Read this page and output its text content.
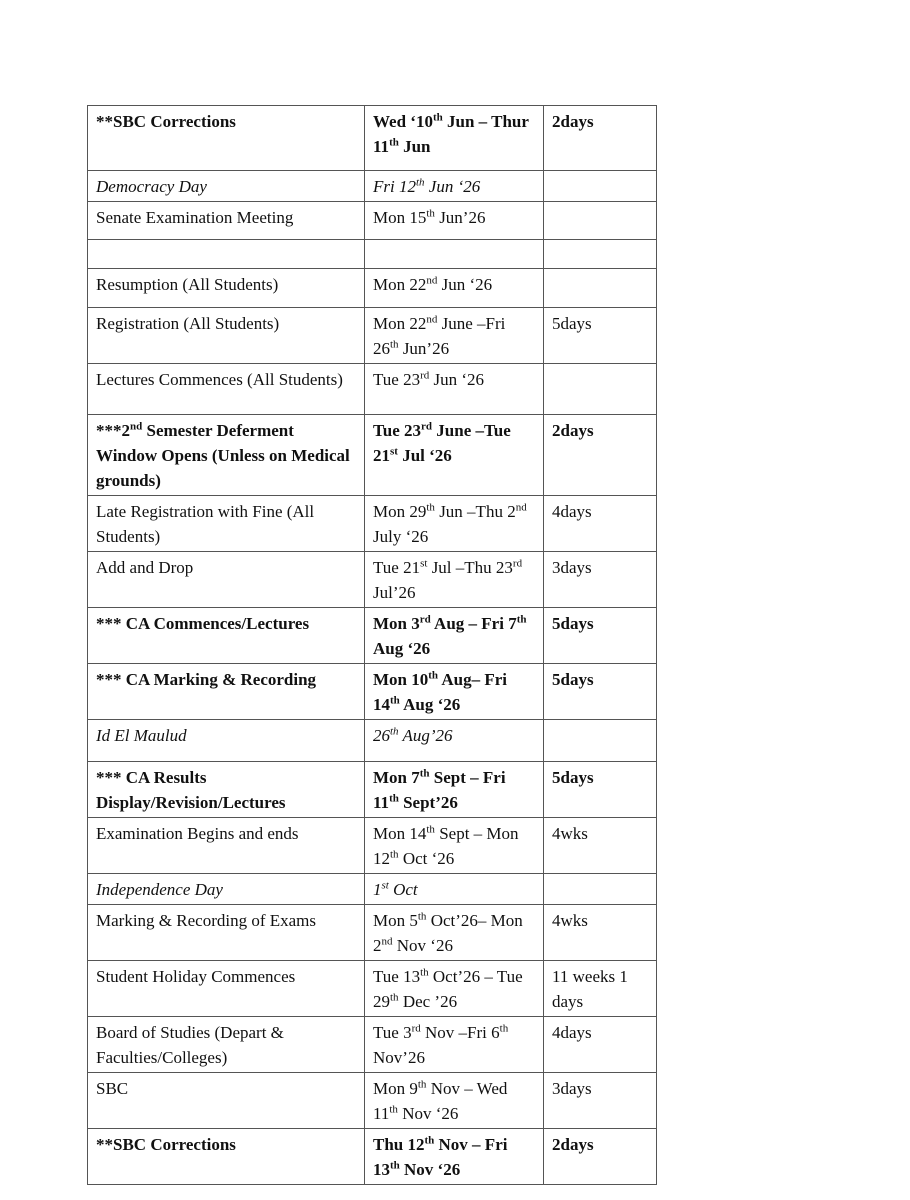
**SBC Corrections	Wed ‘10th Jun – Thur 11th Jun	2days
Democracy Day	Fri 12th Jun ‘26	
Senate Examination Meeting	Mon 15th Jun’26	

Resumption (All Students)	Mon 22nd Jun ‘26	
Registration (All Students)	Mon 22nd June –Fri 26th Jun’26	5days
Lectures Commences (All Students)	Tue 23rd Jun ‘26	
***2nd Semester Deferment Window Opens (Unless on Medical grounds)	Tue 23rd June –Tue 21st Jul ‘26	2days
Late Registration with Fine (All Students)	Mon 29th Jun –Thu 2nd July ‘26	4days
Add and Drop	Tue 21st Jul –Thu 23rd Jul’26	3days
*** CA Commences/Lectures	Mon 3rd Aug – Fri 7th Aug ‘26	5days
*** CA Marking & Recording	Mon 10th Aug– Fri 14th Aug ‘26	5days
Id El Maulud	26th Aug’26	
*** CA Results Display/Revision/Lectures	Mon 7th Sept – Fri 11th Sept’26	5days
Examination Begins and ends	Mon 14th Sept – Mon 12th Oct ‘26	4wks
Independence Day	1st Oct	
Marking & Recording of Exams	Mon 5th Oct’26– Mon 2nd Nov ‘26	4wks
Student Holiday Commences	Tue 13th Oct’26 – Tue 29th Dec ’26	11 weeks 1 days
Board of Studies (Depart & Faculties/Colleges)	Tue 3rd Nov –Fri 6th Nov’26	4days
SBC	Mon 9th Nov – Wed 11th Nov ‘26	3days
**SBC Corrections	Thu 12th Nov – Fri 13th Nov ‘26	2days
